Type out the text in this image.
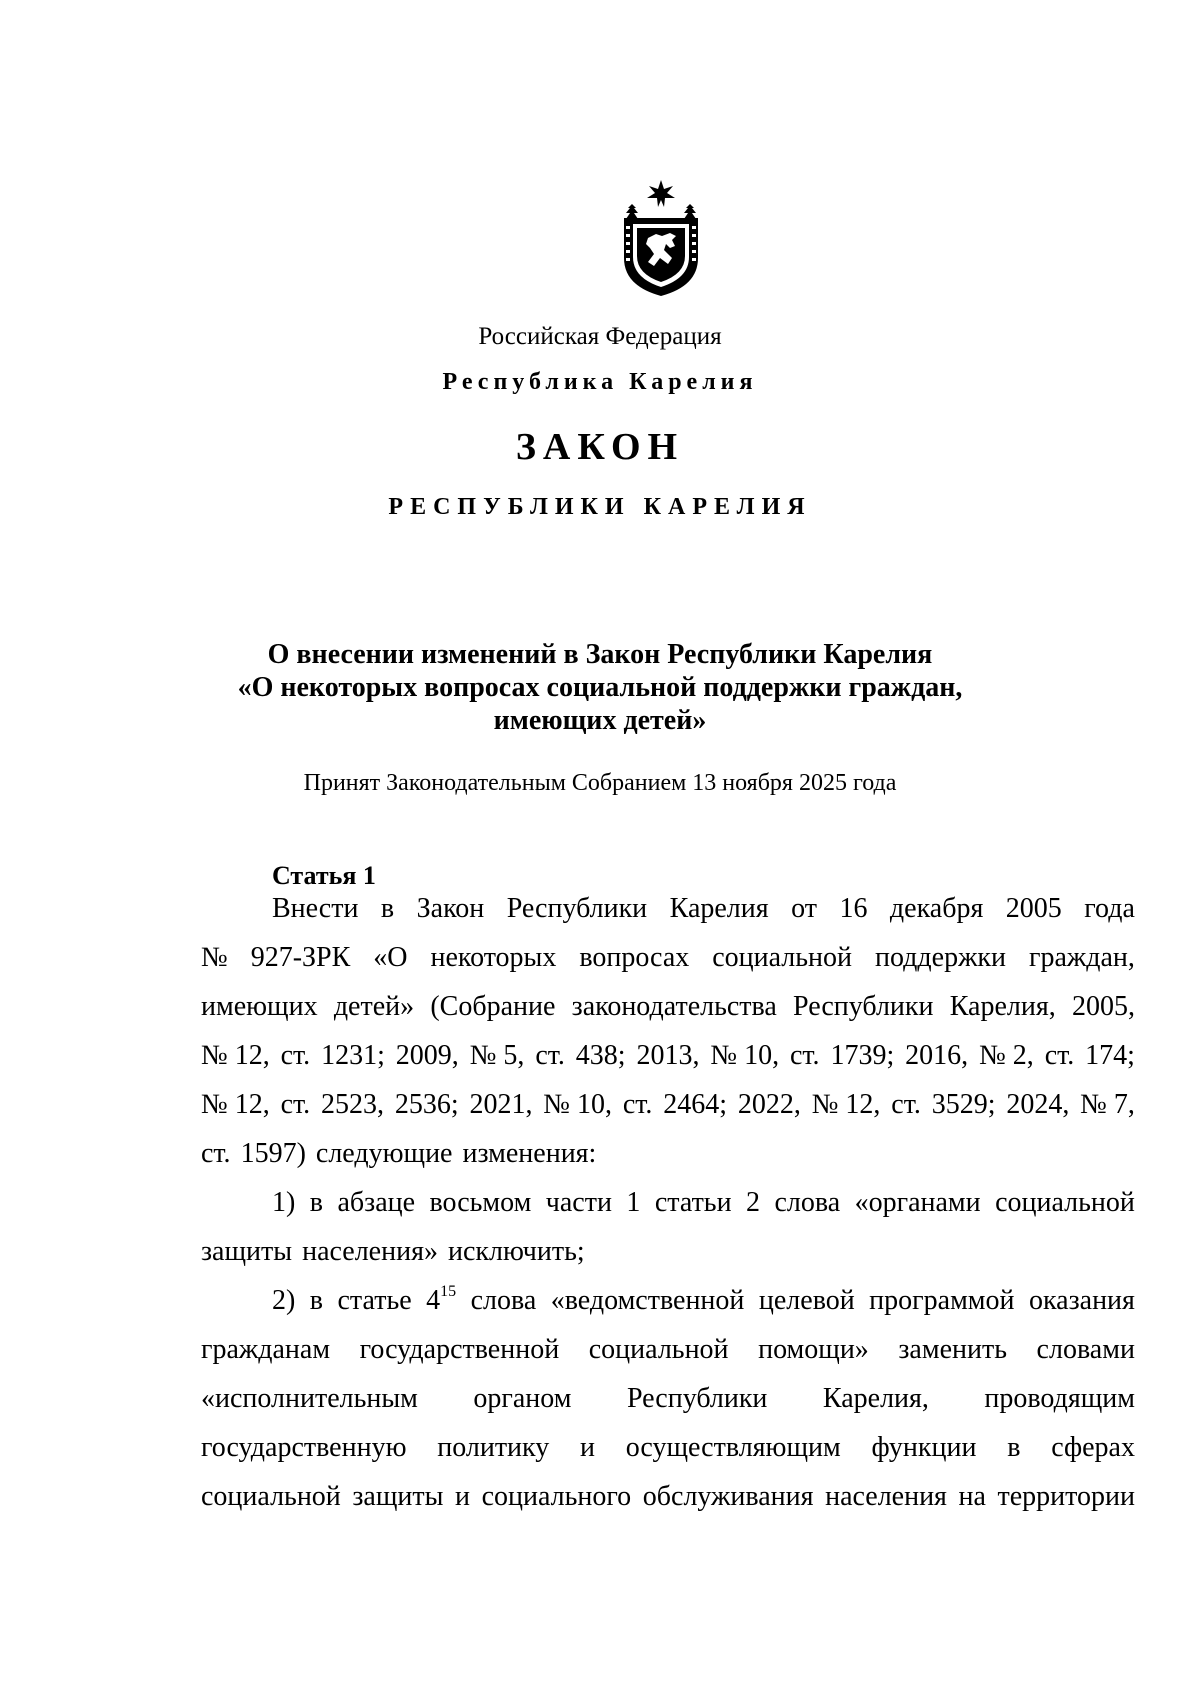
Российская Федерация
Республика Карелия
ЗАКОН
РЕСПУБЛИКИ КАРЕЛИЯ
О внесении изменений в Закон Республики Карелия
«О некоторых вопросах социальной поддержки граждан,
имеющих детей»
Принят Законодательным Собранием 13 ноября 2025 года
Статья 1
Внести в Закон Республики Карелия от 16 декабря 2005 года
№ 927-ЗРК «О некоторых вопросах социальной поддержки граждан,
имеющих детей» (Собрание законодательства Республики Карелия, 2005,
№ 12, ст. 1231; 2009, № 5, ст. 438; 2013, № 10, ст. 1739; 2016, № 2, ст. 174;
№ 12, ст. 2523, 2536; 2021, № 10, ст. 2464; 2022, № 12, ст. 3529; 2024, № 7,
ст. 1597) следующие изменения:
1) в абзаце восьмом части 1 статьи 2 слова «органами социальной
защиты населения» исключить;
2) в статье $4^{15}$ слова «ведомственной целевой программой оказания
гражданам государственной социальной помощи» заменить словами
«исполнительным органом Республики Карелия, проводящим
государственную политику и осуществляющим функции в сферах
социальной защиты и социального обслуживания населения на территории
